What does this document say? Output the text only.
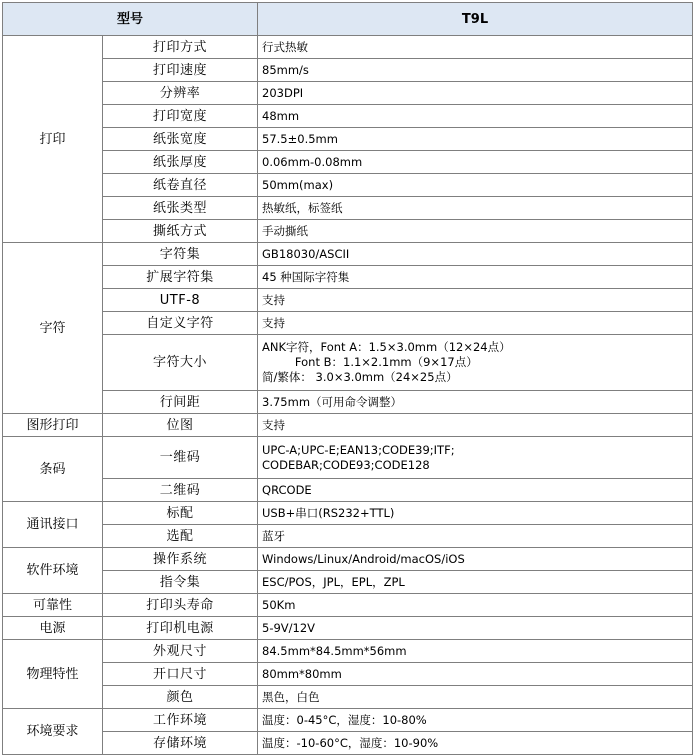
型号		T9L
打印	打印方式	行式热敏
	打印速度	85mm/s
	分辨率	203DPI
	打印宽度	48mm
	纸张宽度	57.5±0.5mm
	纸张厚度	0.06mm-0.08mm
	纸卷直径	50mm(max)
	纸张类型	热敏纸，标签纸
	撕纸方式	手动撕纸
字符	字符集	GB18030/ASCII
	扩展字符集	45 种国际字符集
	UTF-8	支持
	自定义字符	支持
	字符大小	ANK字符，Font A：1.5×3.0mm（12×24点）
Font B：1.1×2.1mm（9×17点）
简/繁体： 3.0×3.0mm（24×25点）

	行间距	3.75mm（可用命令调整）
图形打印	位图	支持
条码	一维码	UPC-A;UPC-E;EAN13;CODE39;ITF;
CODEBAR;CODE93;CODE128

	二维码	QRCODE
通讯接口	标配	USB+串口(RS232+TTL)
	选配	蓝牙
软件环境	操作系统	Windows/Linux/Android/macOS/iOS
	指令集	ESC/POS，JPL，EPL，ZPL
可靠性	打印头寿命	50Km
电源	打印机电源	5-9V/12V
物理特性	外观尺寸	84.5mm*84.5mm*56mm
	开口尺寸	80mm*80mm
	颜色	黑色，白色
环境要求	工作环境	温度：0-45°C，湿度：10-80%
	存储环境	温度：-10-60°C，湿度：10-90%
